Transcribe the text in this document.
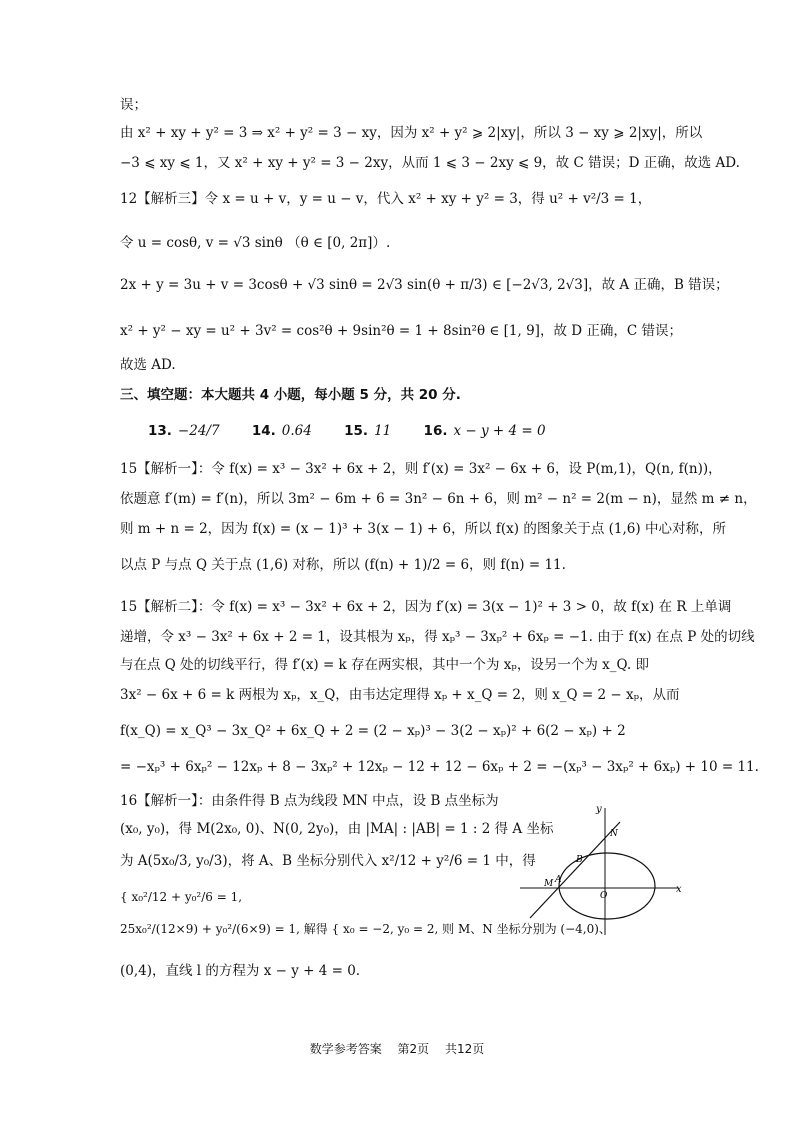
误；
由 x² + xy + y² = 3 ⇒ x² + y² = 3 − xy，因为 x² + y² ⩾ 2|xy|，所以 3 − xy ⩾ 2|xy|，所以
−3 ⩽ xy ⩽ 1，又 x² + xy + y² = 3 − 2xy，从而 1 ⩽ 3 − 2xy ⩽ 9，故 C 错误；D 正确，故选 AD.
12【解析三】令 x = u + v，y = u − v，代入 x² + xy + y² = 3，得 u² + v²/3 = 1，
令 u = cosθ, v = √3 sinθ （θ ∈ [0, 2π]）.
2x + y = 3u + v = 3cosθ + √3 sinθ = 2√3 sin(θ + π/3) ∈ [−2√3, 2√3]，故 A 正确，B 错误；
x² + y² − xy = u² + 3v² = cos²θ + 9sin²θ = 1 + 8sin²θ ∈ [1, 9]，故 D 正确，C 错误；
故选 AD.
三、填空题：本大题共 4 小题，每小题 5 分，共 20 分.
13. −24/7 14. 0.64 15. 11 16. x − y + 4 = 0
15【解析一】：令 f(x) = x³ − 3x² + 6x + 2，则 f′(x) = 3x² − 6x + 6，设 P(m,1)，Q(n, f(n))，
依题意 f′(m) = f′(n)，所以 3m² − 6m + 6 = 3n² − 6n + 6，则 m² − n² = 2(m − n)，显然 m ≠ n，
则 m + n = 2，因为 f(x) = (x − 1)³ + 3(x − 1) + 6，所以 f(x) 的图象关于点 (1,6) 中心对称，所
以点 P 与点 Q 关于点 (1,6) 对称，所以 (f(n) + 1)/2 = 6，则 f(n) = 11.
15【解析二】：令 f(x) = x³ − 3x² + 6x + 2，因为 f′(x) = 3(x − 1)² + 3 > 0，故 f(x) 在 R 上单调
递增，令 x³ − 3x² + 6x + 2 = 1，设其根为 xₚ，得 xₚ³ − 3xₚ² + 6xₚ = −1. 由于 f(x) 在点 P 处的切线
与在点 Q 处的切线平行，得 f′(x) = k 存在两实根，其中一个为 xₚ，设另一个为 x_Q. 即
3x² − 6x + 6 = k 两根为 xₚ，x_Q，由韦达定理得 xₚ + x_Q = 2，则 x_Q = 2 − xₚ，从而
f(x_Q) = x_Q³ − 3x_Q² + 6x_Q + 2 = (2 − xₚ)³ − 3(2 − xₚ)² + 6(2 − xₚ) + 2
= −xₚ³ + 6xₚ² − 12xₚ + 8 − 3xₚ² + 12xₚ − 12 + 12 − 6xₚ + 2 = −(xₚ³ − 3xₚ² + 6xₚ) + 10 = 11.
16【解析一】：由条件得 B 点为线段 MN 中点，设 B 点坐标为
(x₀, y₀)，得 M(2x₀, 0)、N(0, 2y₀)，由 |MA| : |AB| = 1 : 2 得 A 坐标
为 A(5x₀/3, y₀/3)，将 A、B 坐标分别代入 x²/12 + y²/6 = 1 中，得
{ x₀²/12 + y₀²/6 = 1,
25x₀²/(12×9) + y₀²/(6×9) = 1, 解得 { x₀ = −2, y₀ = 2, 则 M、N 坐标分别为 (−4,0)、
(0,4)，直线 l 的方程为 x − y + 4 = 0.
y
x
N
B
A
M
O
数学参考答案 第2页 共12页
